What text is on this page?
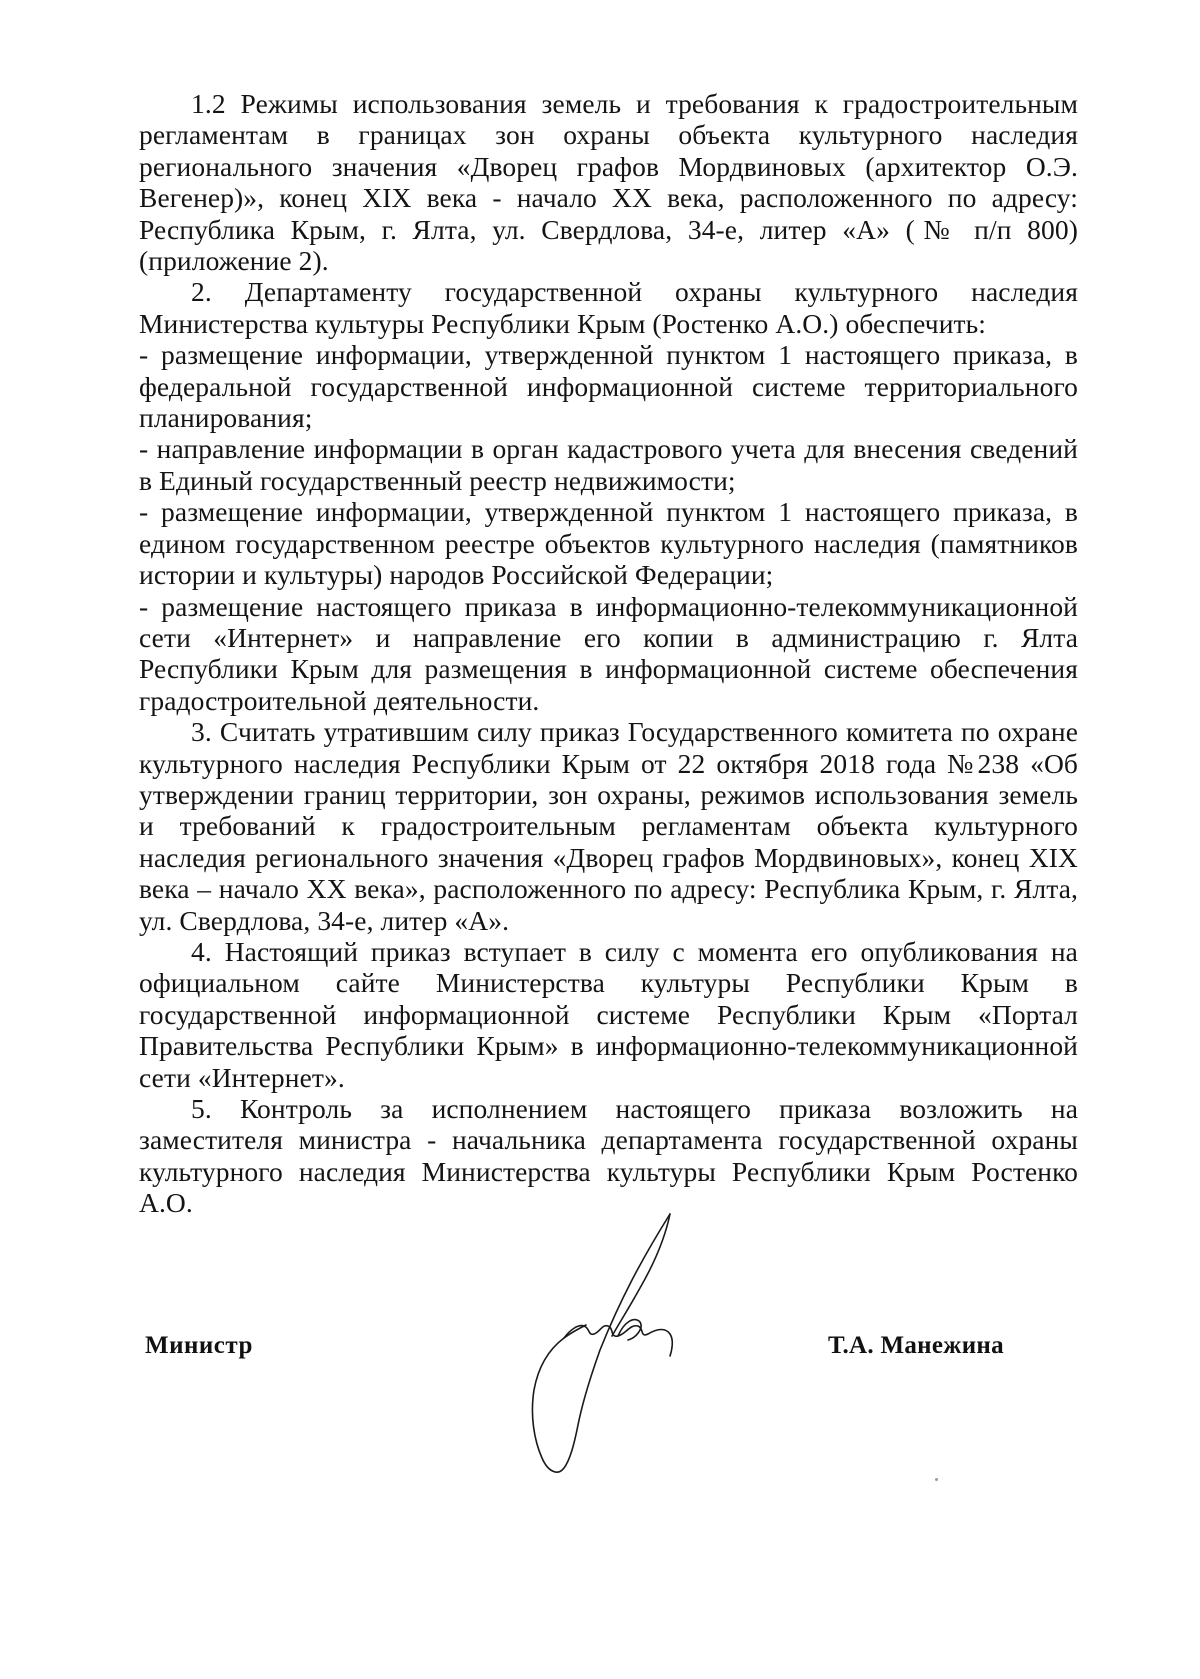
1.2 Режимы использования земель и требования к градостроительным регламентам в границах зон охраны объекта культурного наследия регионального значения «Дворец графов Мордвиновых (архитектор О.Э. Вегенер)», конец XIX века - начало XX века, расположенного по адресу: Республика Крым, г. Ялта, ул. Свердлова, 34-е, литер «А» (№ п/п 800) (приложение 2).

2. Департаменту государственной охраны культурного наследия Министерства культуры Республики Крым (Ростенко А.О.) обеспечить:

- размещение информации, утвержденной пунктом 1 настоящего приказа, в федеральной государственной информационной системе территориального планирования;

- направление информации в орган кадастрового учета для внесения сведений в Единый государственный реестр недвижимости;

- размещение информации, утвержденной пунктом 1 настоящего приказа, в едином государственном реестре объектов культурного наследия (памятников истории и культуры) народов Российской Федерации;

- размещение настоящего приказа в информационно-телекоммуникационной сети «Интернет» и направление его копии в администрацию г. Ялта Республики Крым для размещения в информационной системе обеспечения градостроительной деятельности.

3. Считать утратившим силу приказ Государственного комитета по охране культурного наследия Республики Крым от 22 октября 2018 года №238 «Об утверждении границ территории, зон охраны, режимов использования земель и требований к градостроительным регламентам объекта культурного наследия регионального значения «Дворец графов Мордвиновых», конец XIX века – начало XX века», расположенного по адресу: Республика Крым, г. Ялта, ул. Свердлова, 34-е, литер «А».

4. Настоящий приказ вступает в силу с момента его опубликования на официальном сайте Министерства культуры Республики Крым в государственной информационной системе Республики Крым «Портал Правительства Республики Крым» в информационно-телекоммуникационной сети «Интернет».

5. Контроль за исполнением настоящего приказа возложить на заместителя министра - начальника департамента государственной охраны культурного наследия Министерства культуры Республики Крым Ростенко А.О.

Министр	Т.А. Манежина
